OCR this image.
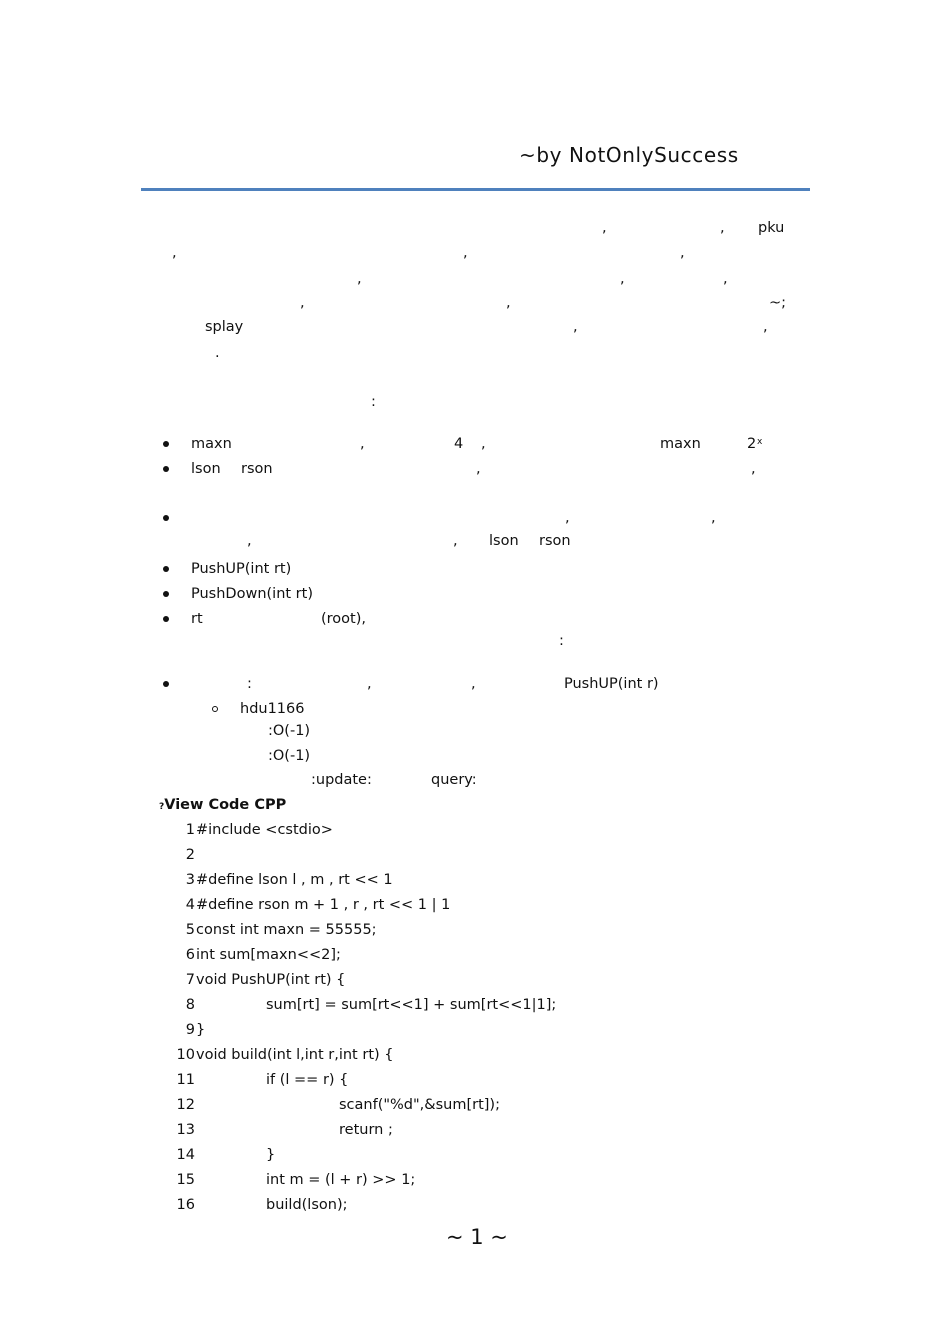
~by NotOnlySuccess
,	, pku
,	,	,
,	,	,
,	,	~;
splay	,	,
.
:
maxn	,	4 ,	maxn	2 x
lson rson	,	,
,	,
PushUP(int rt)
PushDown(int rt)
rt	(root),
:	,	,	PushUP(int r)
,	, lson rson
:
hdu1166
:O(-1)
:O(-1)
:update:	query:
?View Code CPP
1 #include <cstdio>
2
3 #define lson l , m , rt << 1
4 #define rson m + 1 , r , rt << 1 | 1
5 const int maxn = 55555;
6 int sum[maxn<<2];
7 void PushUP(int rt) {
8	sum[rt] = sum[rt<<1] + sum[rt<<1|1];
9 }
10 void build(int l,int r,int rt) {
11	if (l == r) {
12	scanf("%d",&sum[rt]);
13	return ;
14	}
15	int m = (l + r) >> 1;
16	build(lson);
~ 1 ~
